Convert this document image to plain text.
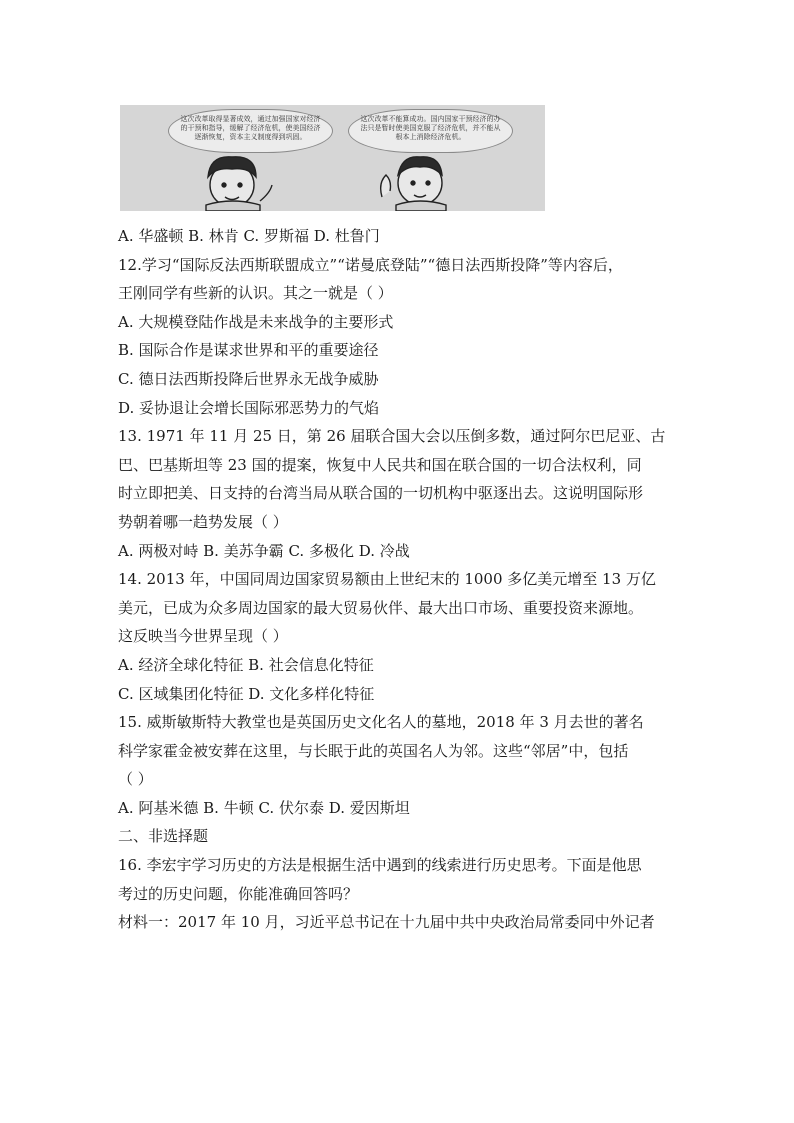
这次改革取得显著成效，通过加强国家对经济的干预和指导，缓解了经济危机，使美国经济逐渐恢复，资本主义制度得到巩固。
这次改革不能算成功。国内国家干预经济的办法只是暂时使美国克服了经济危机，并不能从根本上消除经济危机。
A. 华盛顿 B. 林肯 C. 罗斯福 D. 杜鲁门
12.学习“国际反法西斯联盟成立”“诺曼底登陆”“德日法西斯投降”等内容后，
王刚同学有些新的认识。其之一就是（ ）
A. 大规模登陆作战是未来战争的主要形式
B. 国际合作是谋求世界和平的重要途径
C. 德日法西斯投降后世界永无战争威胁
D. 妥协退让会增长国际邪恶势力的气焰
13. 1971 年 11 月 25 日，第 26 届联合国大会以压倒多数，通过阿尔巴尼亚、古
巴、巴基斯坦等 23 国的提案，恢复中人民共和国在联合国的一切合法权利，同
时立即把美、日支持的台湾当局从联合国的一切机构中驱逐出去。这说明国际形
势朝着哪一趋势发展（ ）
A. 两极对峙 B. 美苏争霸 C. 多极化 D. 冷战
14. 2013 年，中国同周边国家贸易额由上世纪末的 1000 多亿美元增至 13 万亿
美元，已成为众多周边国家的最大贸易伙伴、最大出口市场、重要投资来源地。
这反映当今世界呈现（ ）
A. 经济全球化特征 B. 社会信息化特征
C. 区域集团化特征 D. 文化多样化特征
15. 威斯敏斯特大教堂也是英国历史文化名人的墓地，2018 年 3 月去世的著名
科学家霍金被安葬在这里，与长眠于此的英国名人为邻。这些“邻居”中，包括
（ ）
A. 阿基米德 B. 牛顿 C. 伏尔泰 D. 爱因斯坦
二、非选择题
16. 李宏宇学习历史的方法是根据生活中遇到的线索进行历史思考。下面是他思
考过的历史问题，你能准确回答吗？
材料一：2017 年 10 月，习近平总书记在十九届中共中央政治局常委同中外记者
